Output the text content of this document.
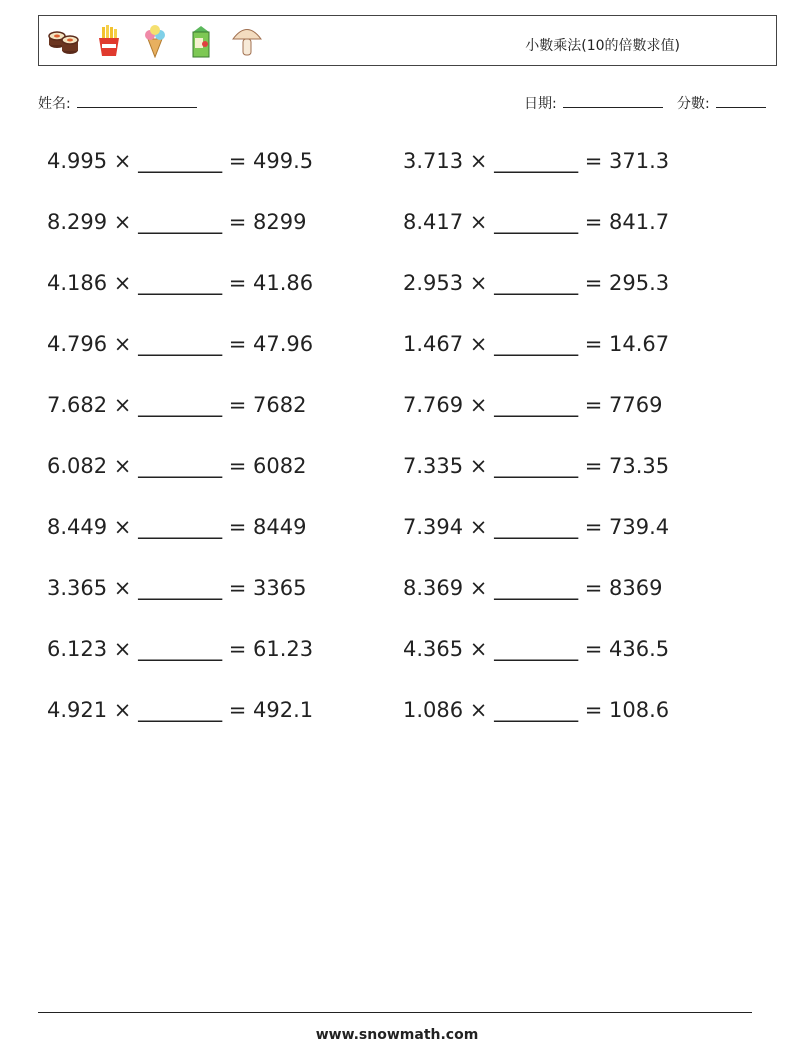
小數乘法(10的倍數求值)
姓名:	日期:	分數:
4.995 × ________ = 499.5
8.299 × ________ = 8299
4.186 × ________ = 41.86
4.796 × ________ = 47.96
7.682 × ________ = 7682
6.082 × ________ = 6082
8.449 × ________ = 8449
3.365 × ________ = 3365
6.123 × ________ = 61.23
4.921 × ________ = 492.1
3.713 × ________ = 371.3
8.417 × ________ = 841.7
2.953 × ________ = 295.3
1.467 × ________ = 14.67
7.769 × ________ = 7769
7.335 × ________ = 73.35
7.394 × ________ = 739.4
8.369 × ________ = 8369
4.365 × ________ = 436.5
1.086 × ________ = 108.6
www.snowmath.com
